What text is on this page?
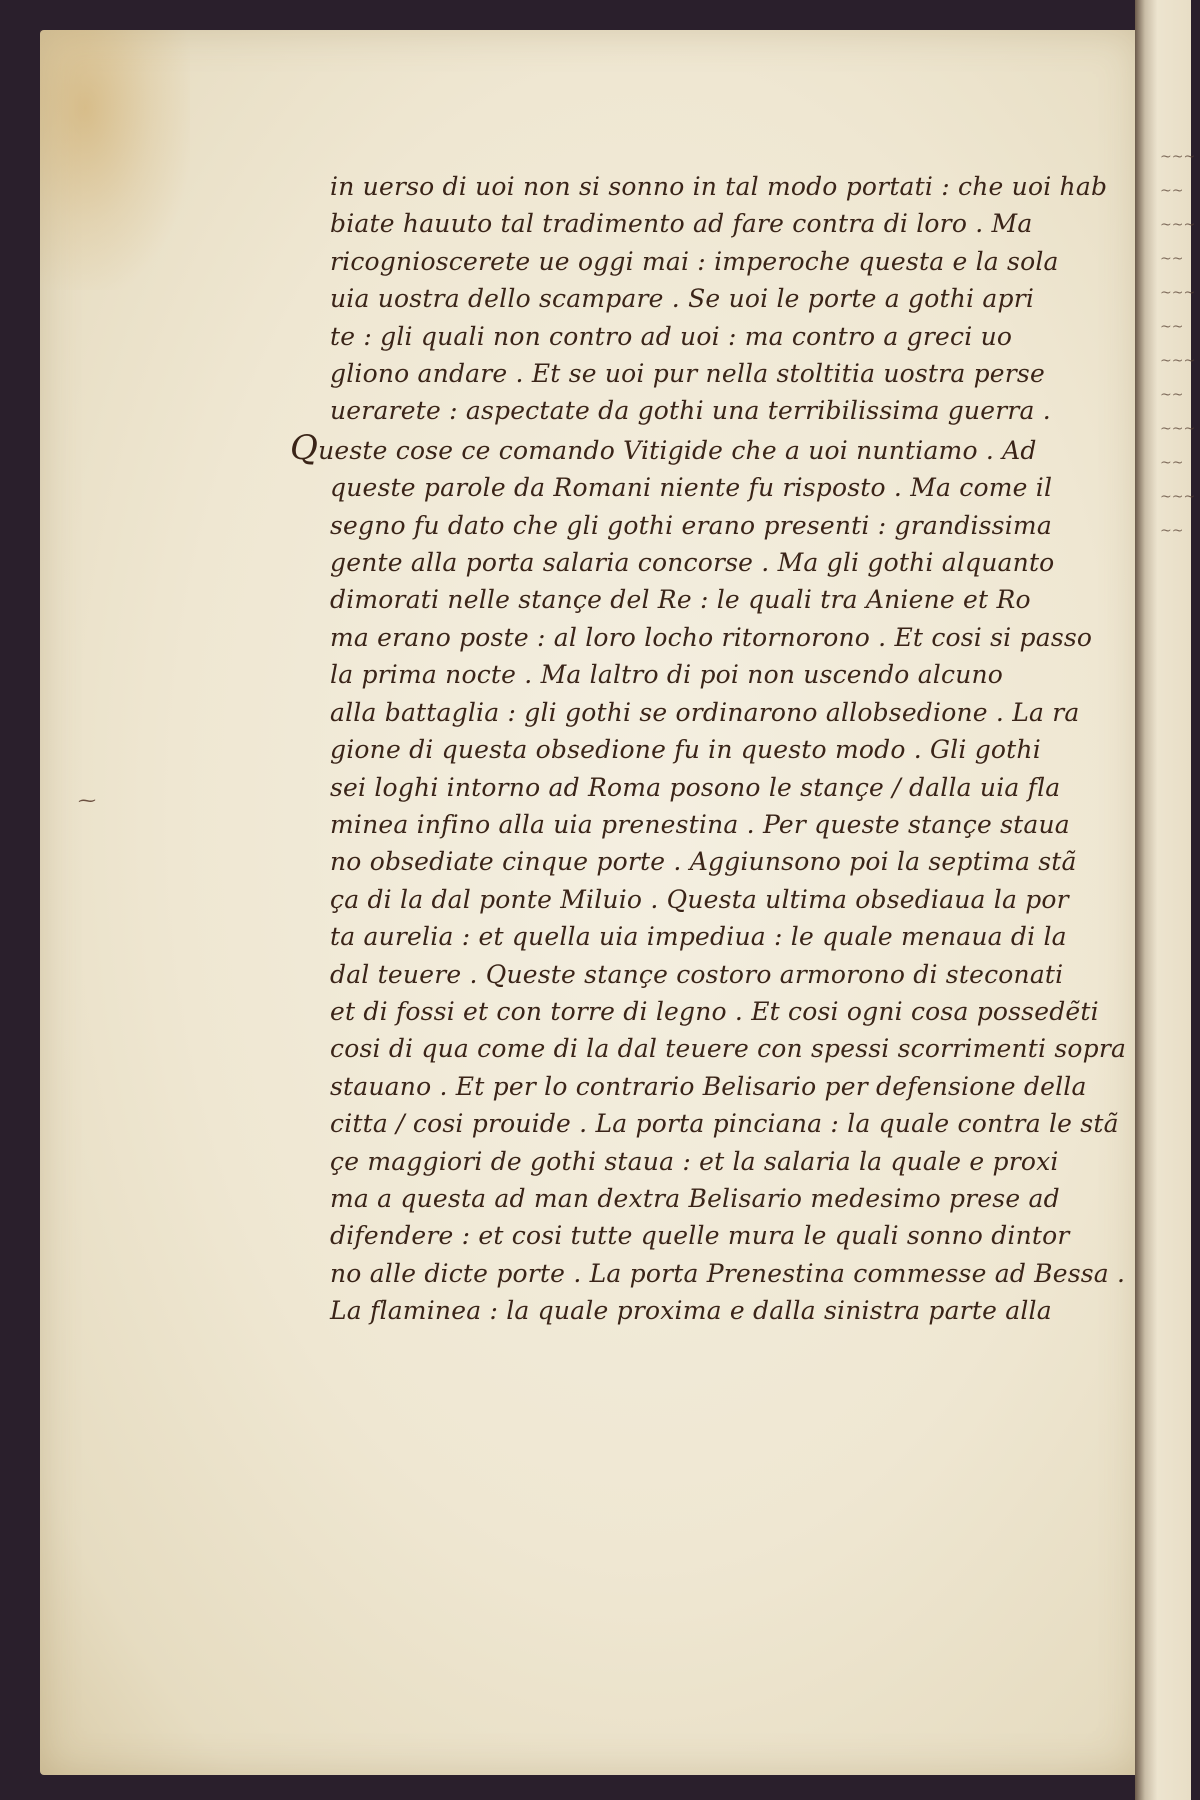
⁓
~~~
~~
~~~
~~
~~~
~~
~~~
~~
~~~
~~
~~~
~~
in uerso di uoi non si sonno in tal modo portati : che uoi hab
biate hauuto tal tradimento ad fare contra di loro . Ma
ricognioscerete ue oggi mai : imperoche questa e la sola
uia uostra dello scampare . Se uoi le porte a gothi apri
te : gli quali non contro ad uoi : ma contro a greci uo
gliono andare . Et se uoi pur nella stoltitia uostra perse
uerarete : aspectate da gothi una terribilissima guerra .
Queste cose ce comando Vitigide che a uoi nuntiamo . Ad
queste parole da Romani niente fu risposto . Ma come il
segno fu dato che gli gothi erano presenti : grandissima
gente alla porta salaria concorse . Ma gli gothi alquanto
dimorati nelle stançe del Re : le quali tra Aniene et Ro
ma erano poste : al loro locho ritornorono . Et cosi si passo
la prima nocte . Ma laltro di poi non uscendo alcuno
alla battaglia : gli gothi se ordinarono allobsedione . La ra
gione di questa obsedione fu in questo modo . Gli gothi
sei loghi intorno ad Roma posono le stançe / dalla uia fla
minea infino alla uia prenestina . Per queste stançe staua
no obsediate cinque porte . Aggiunsono poi la septima stã
ça di la dal ponte Miluio . Questa ultima obsediaua la por
ta aurelia : et quella uia impediua : le quale menaua di la
dal teuere . Queste stançe costoro armorono di steconati
et di fossi et con torre di legno . Et cosi ogni cosa possedẽti
cosi di qua come di la dal teuere con spessi scorrimenti sopra
stauano . Et per lo contrario Belisario per defensione della
citta / cosi prouide . La porta pinciana : la quale contra le stã
çe maggiori de gothi staua : et la salaria la quale e proxi
ma a questa ad man dextra Belisario medesimo prese ad
difendere : et cosi tutte quelle mura le quali sonno dintor
no alle dicte porte . La porta Prenestina commesse ad Bessa .
La flaminea : la quale proxima e dalla sinistra parte alla
